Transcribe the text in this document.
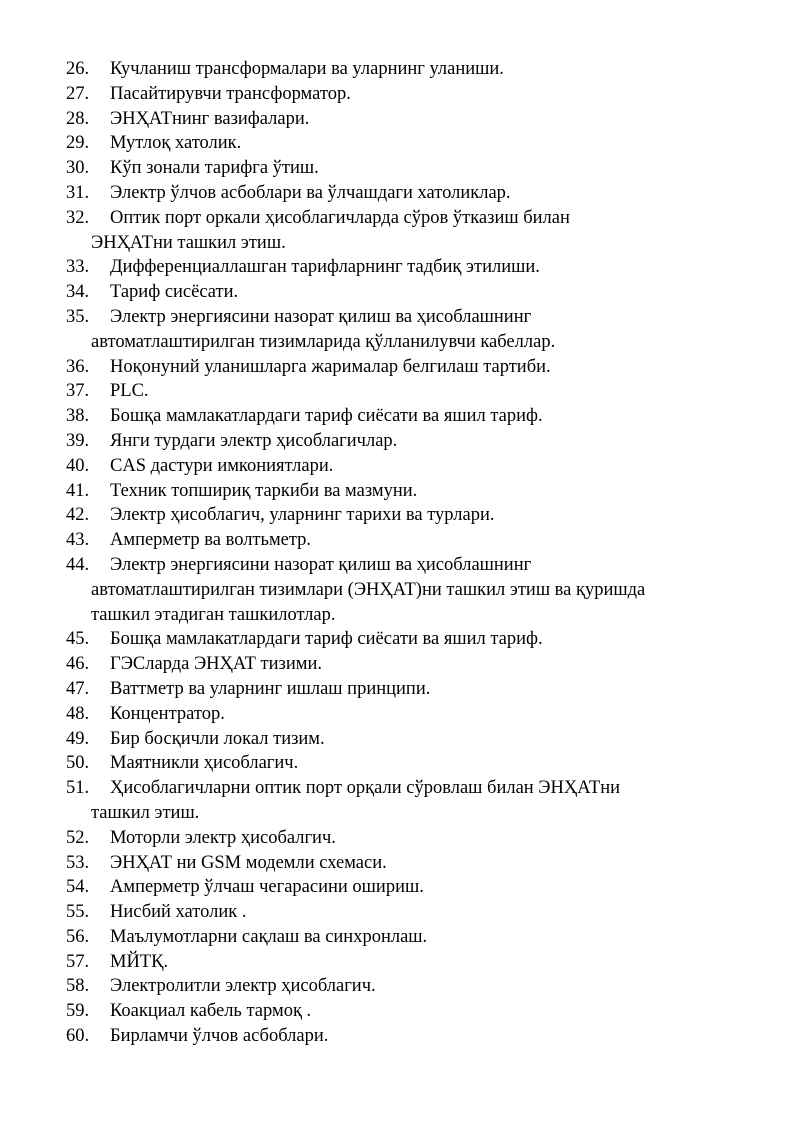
26. Кучланиш трансформалари ва уларнинг уланиши.
27. Пасайтирувчи трансформатор.
28. ЭНҲАТнинг вазифалари.
29. Мутлоқ хатолик.
30. Кўп зонали тарифга ўтиш.
31. Электр ўлчов асбоблари ва ўлчашдаги хатоликлар.
32. Оптик порт оркали ҳисоблагичларда сўров ўтказиш билан
ЭНҲАТни ташкил этиш.
33. Дифференциаллашган тарифларнинг тадбиқ этилиши.
34. Тариф сисёсати.
35. Электр энергиясини назорат қилиш ва ҳисоблашнинг
автоматлаштирилган тизимларида қўлланилувчи кабеллар.
36. Ноқонуний уланишларга жарималар белгилаш тартиби.
37. PLC.
38. Бошқа мамлакатлардаги тариф сиёсати ва яшил тариф.
39. Янги турдаги электр ҳисоблагичлар.
40. CAS дастури имкониятлари.
41. Техник топшириқ таркиби ва мазмуни.
42. Электр ҳисоблагич, уларнинг тарихи ва турлари.
43. Амперметр ва волтьметр.
44. Электр энергиясини назорат қилиш ва ҳисоблашнинг
автоматлаштирилган тизимлари (ЭНҲАТ)ни ташкил этиш ва қуришда
ташкил этадиган ташкилотлар.
45. Бошқа мамлакатлардаги тариф сиёсати ва яшил тариф.
46. ГЭСларда ЭНҲАТ тизими.
47. Ваттметр ва уларнинг ишлаш принципи.
48. Концентратор.
49. Бир босқичли локал тизим.
50. Маятникли ҳисоблагич.
51. Ҳисоблагичларни оптик порт орқали сўровлаш билан ЭНҲАТни
ташкил этиш.
52. Моторли электр ҳисобалгич.
53. ЭНҲАТ ни GSM модемли схемаси.
54. Амперметр ўлчаш чегарасини ошириш.
55. Нисбий хатолик .
56. Маълумотларни сақлаш ва синхронлаш.
57. МЙТҚ.
58. Электролитли электр ҳисоблагич.
59. Коакциал кабель тармоқ .
60. Бирламчи ўлчов асбоблари.
